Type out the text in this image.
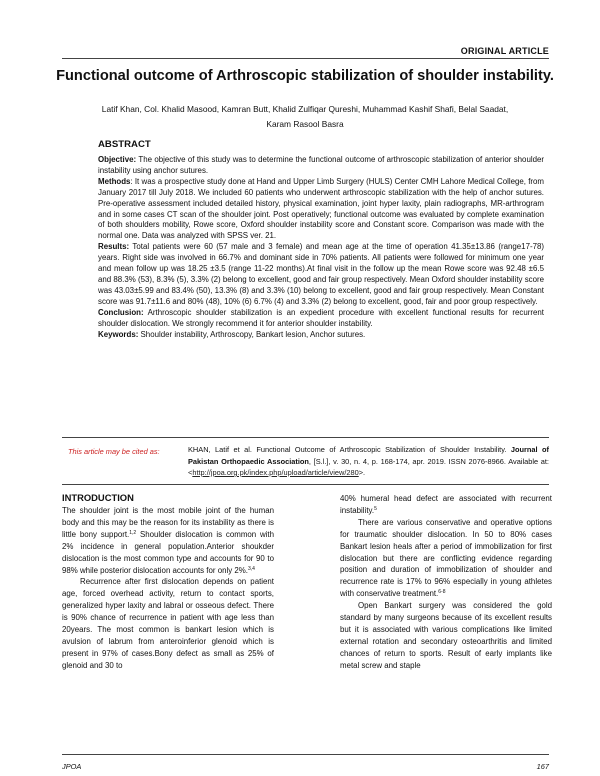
ORIGINAL ARTICLE
Functional outcome of Arthroscopic stabilization of shoulder instability.
Latif Khan, Col. Khalid Masood, Kamran Butt, Khalid Zulfiqar Qureshi, Muhammad Kashif Shafi, Belal Saadat,
Karam Rasool Basra
ABSTRACT

Objective: The objective of this study was to determine the functional outcome of arthroscopic stabilization of anterior shoulder instability using anchor sutures.

Methods: It was a prospective study done at Hand and Upper Limb Surgery (HULS) Center CMH Lahore Medical College, from January 2017 till July 2018. We included 60 patients who underwent arthroscopic stabilization with the help of anchor sutures. Pre-operative assessment included detailed history, physical examination, joint hyper laxity, plain radiographs, MR-arthrogram and in some cases CT scan of the shoulder joint. Post operatively; functional outcome was evaluated by complete examination of both shoulders mobility, Rowe score, Oxford shoulder instability score and Constant score. Comparison was made with the normal one. Data was analyzed with SPSS ver. 21.

Results: Total patients were 60 (57 male and 3 female) and mean age at the time of operation 41.35±13.86 (range17-78) years. Right side was involved in 66.7% and dominant side in 70% patients. All patients were followed for minimum one year and mean follow up was 18.25 ±3.5 (range 11-22 months).At final visit in the follow up the mean Rowe score was 92.48 ±6.5 and 88.3% (53), 8.3% (5), 3.3% (2) belong to excellent, good and fair group respectively. Mean Oxford shoulder instability score was 43.03±5.99 and 83.4% (50), 13.3% (8) and 3.3% (10) belong to excellent, good and fair group respectively. Mean Constant score was 91.7±11.6 and 80% (48), 10% (6) 6.7% (4) and 3.3% (2) belong to excellent, good, fair and poor group respectively.

Conclusion: Arthroscopic shoulder stabilization is an expedient procedure with excellent functional results for recurrent shoulder dislocation. We strongly recommend it for anterior shoulder instability.

Keywords: Shoulder instability, Arthroscopy, Bankart lesion, Anchor sutures.

This article may be cited as:	KHAN, Latif et al. Functional Outcome of Arthroscopic Stabilization of Shoulder Instability. Journal of Pakistan Orthopaedic Association, [S.l.], v. 30, n. 4, p. 168-174, apr. 2019. ISSN 2076-8966. Available at: <http://jpoa.org.pk/index.php/upload/article/view/280>.

INTRODUCTION

The shoulder joint is the most mobile joint of the human body and this may be the reason for its instability as there is little bony support.$^{1,2}$ Shoulder dislocation is common with 2% incidence in general population.Anterior shoukder dislocation is the most common type and accounts for 90 to 98% while posterior dislocation accounts for only 2%.$^{3,4}$

Recurrence after first dislocation depends on patient age, forced overhead activity, return to contact sports, generalized hyper laxity and labral or osseous defect. There is 90% chance of recurrence in patient with age less than 20years. The most common is bankart lesion which is avulsion of labrum from anteroinferior glenoid which is present in 97% of cases.Bony defect as small as 25% of glenoid and 30 to

40% humeral head defect are associated with recurrent instability.$^5$

There are various conservative and operative options for traumatic shoulder dislocation. In 50 to 80% cases Bankart lesion heals after a period of immobilization for first dislocation but there are conflicting evidence regarding position and duration of immobilization of shoulder and recurrence rate is 17% to 96% especially in young athletes with conservative treatment.$^{6-8}$

Open Bankart surgery was considered the gold standard by many surgeons because of its excellent results but it is associated with various complications like limited external rotation and secondary osteoarthritis and limited chances of return to sports. Result of early implants like metal screw and staple

JPOA	167
